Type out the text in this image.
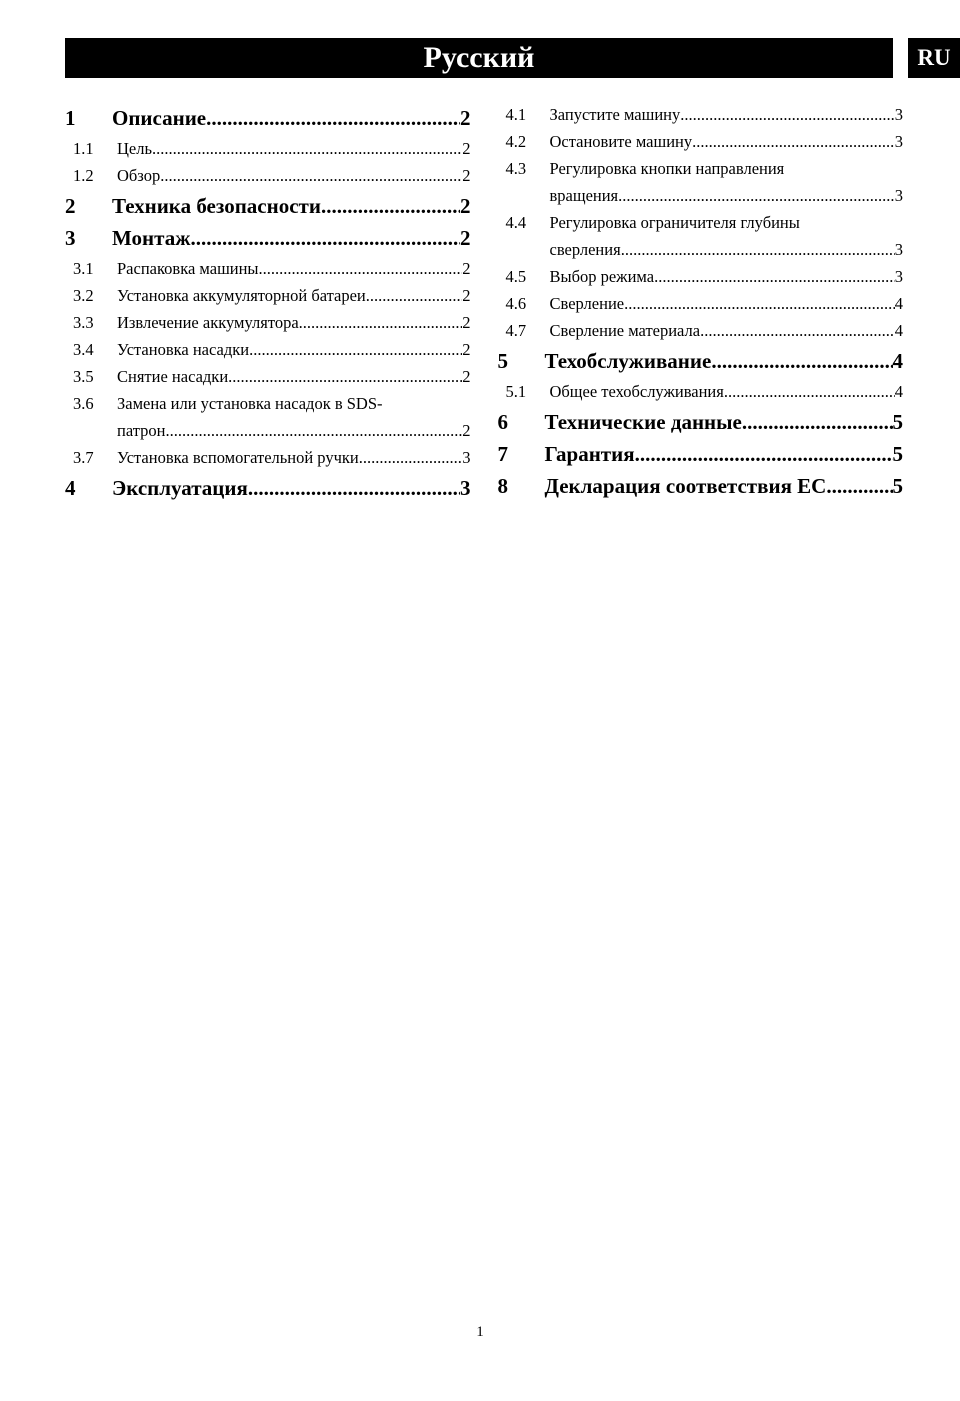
Русский	RU
1	Описание .....	2
1.1	Цель .....	2
1.2	Обзор .....	2
2	Техника безопасности .....	2
3	Монтаж .....	2
3.1	Распаковка машины .....	2
3.2	Установка аккумуляторной батареи .....	2
3.3	Извлечение аккумулятора .....	2
3.4	Установка насадки .....	2
3.5	Снятие насадки .....	2
3.6	Замена или установка насадок в SDS-
патрон .....	2
3.7	Установка вспомогательной ручки .....	3
4	Эксплуатация .....	3
4.1	Запустите машину .....	3
4.2	Остановите машину .....	3
4.3	Регулировка кнопки направления
вращения .....	3
4.4	Регулировка ограничителя глубины
сверления .....	3
4.5	Выбор режима .....	3
4.6	Сверление .....	4
4.7	Сверление материала .....	4
5	Техобслуживание .....	4
5.1	Общее техобслуживания .....	4
6	Технические данные .....	5
7	Гарантия .....	5
8	Декларация соответствия ЕС .....	5
1
